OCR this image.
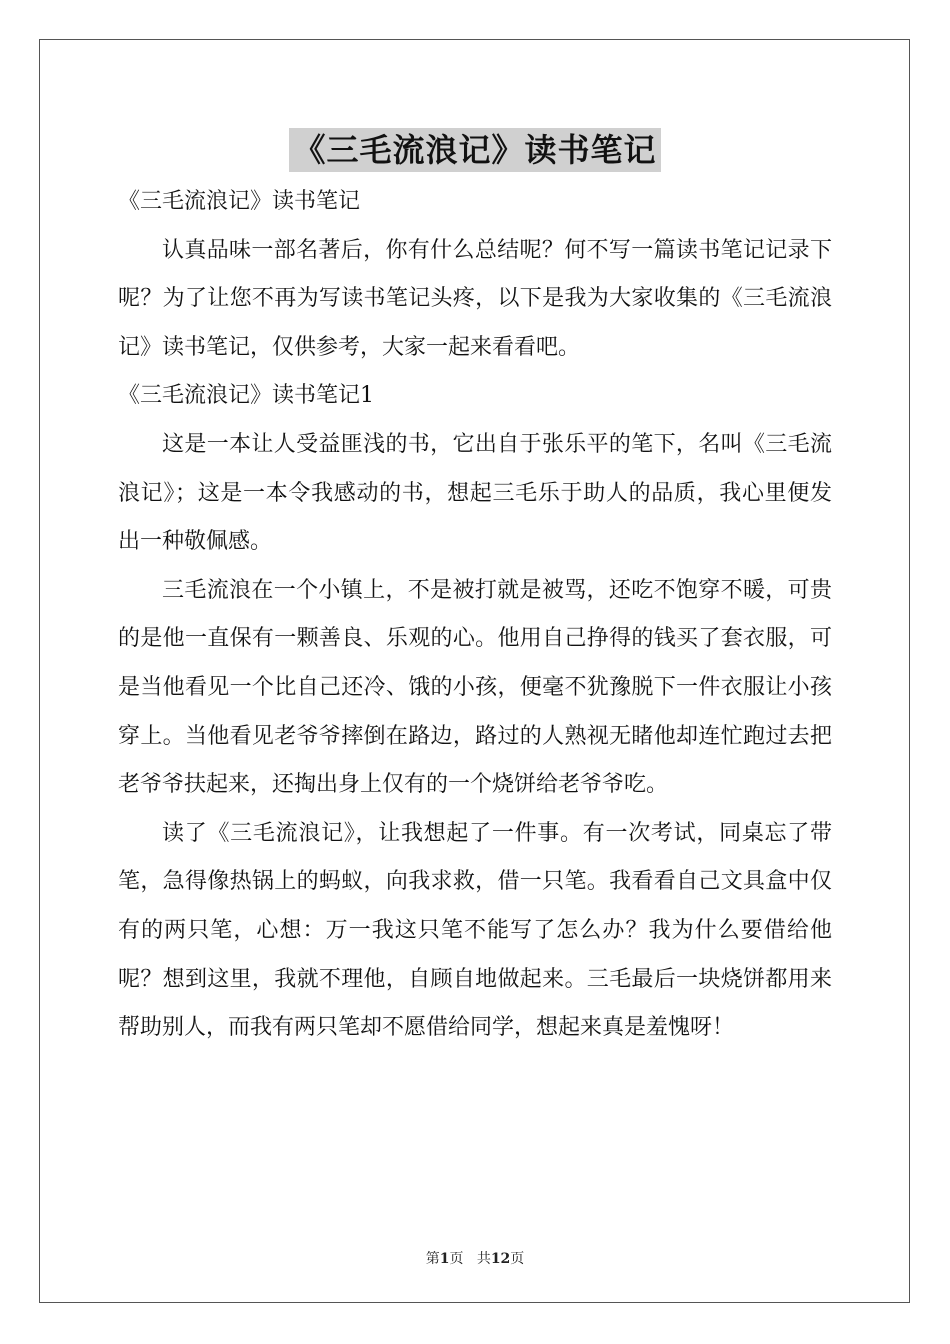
《三毛流浪记》读书笔记

《三毛流浪记》读书笔记

认真品味一部名著后，你有什么总结呢？何不写一篇读书笔记记录下呢？为了让您不再为写读书笔记头疼，以下是我为大家收集的《三毛流浪记》读书笔记，仅供参考，大家一起来看看吧。

《三毛流浪记》读书笔记1

这是一本让人受益匪浅的书，它出自于张乐平的笔下，名叫《三毛流浪记》；这是一本令我感动的书，想起三毛乐于助人的品质，我心里便发出一种敬佩感。

三毛流浪在一个小镇上，不是被打就是被骂，还吃不饱穿不暖，可贵的是他一直保有一颗善良、乐观的心。他用自己挣得的钱买了套衣服，可是当他看见一个比自己还冷、饿的小孩，便毫不犹豫脱下一件衣服让小孩穿上。当他看见老爷爷摔倒在路边，路过的人熟视无睹他却连忙跑过去把老爷爷扶起来，还掏出身上仅有的一个烧饼给老爷爷吃。

读了《三毛流浪记》，让我想起了一件事。有一次考试，同桌忘了带笔，急得像热锅上的蚂蚁，向我求救，借一只笔。我看看自己文具盒中仅有的两只笔，心想：万一我这只笔不能写了怎么办？我为什么要借给他呢？想到这里，我就不理他，自顾自地做起来。三毛最后一块烧饼都用来帮助别人，而我有两只笔却不愿借给同学，想起来真是羞愧呀！

第1页 共12页
